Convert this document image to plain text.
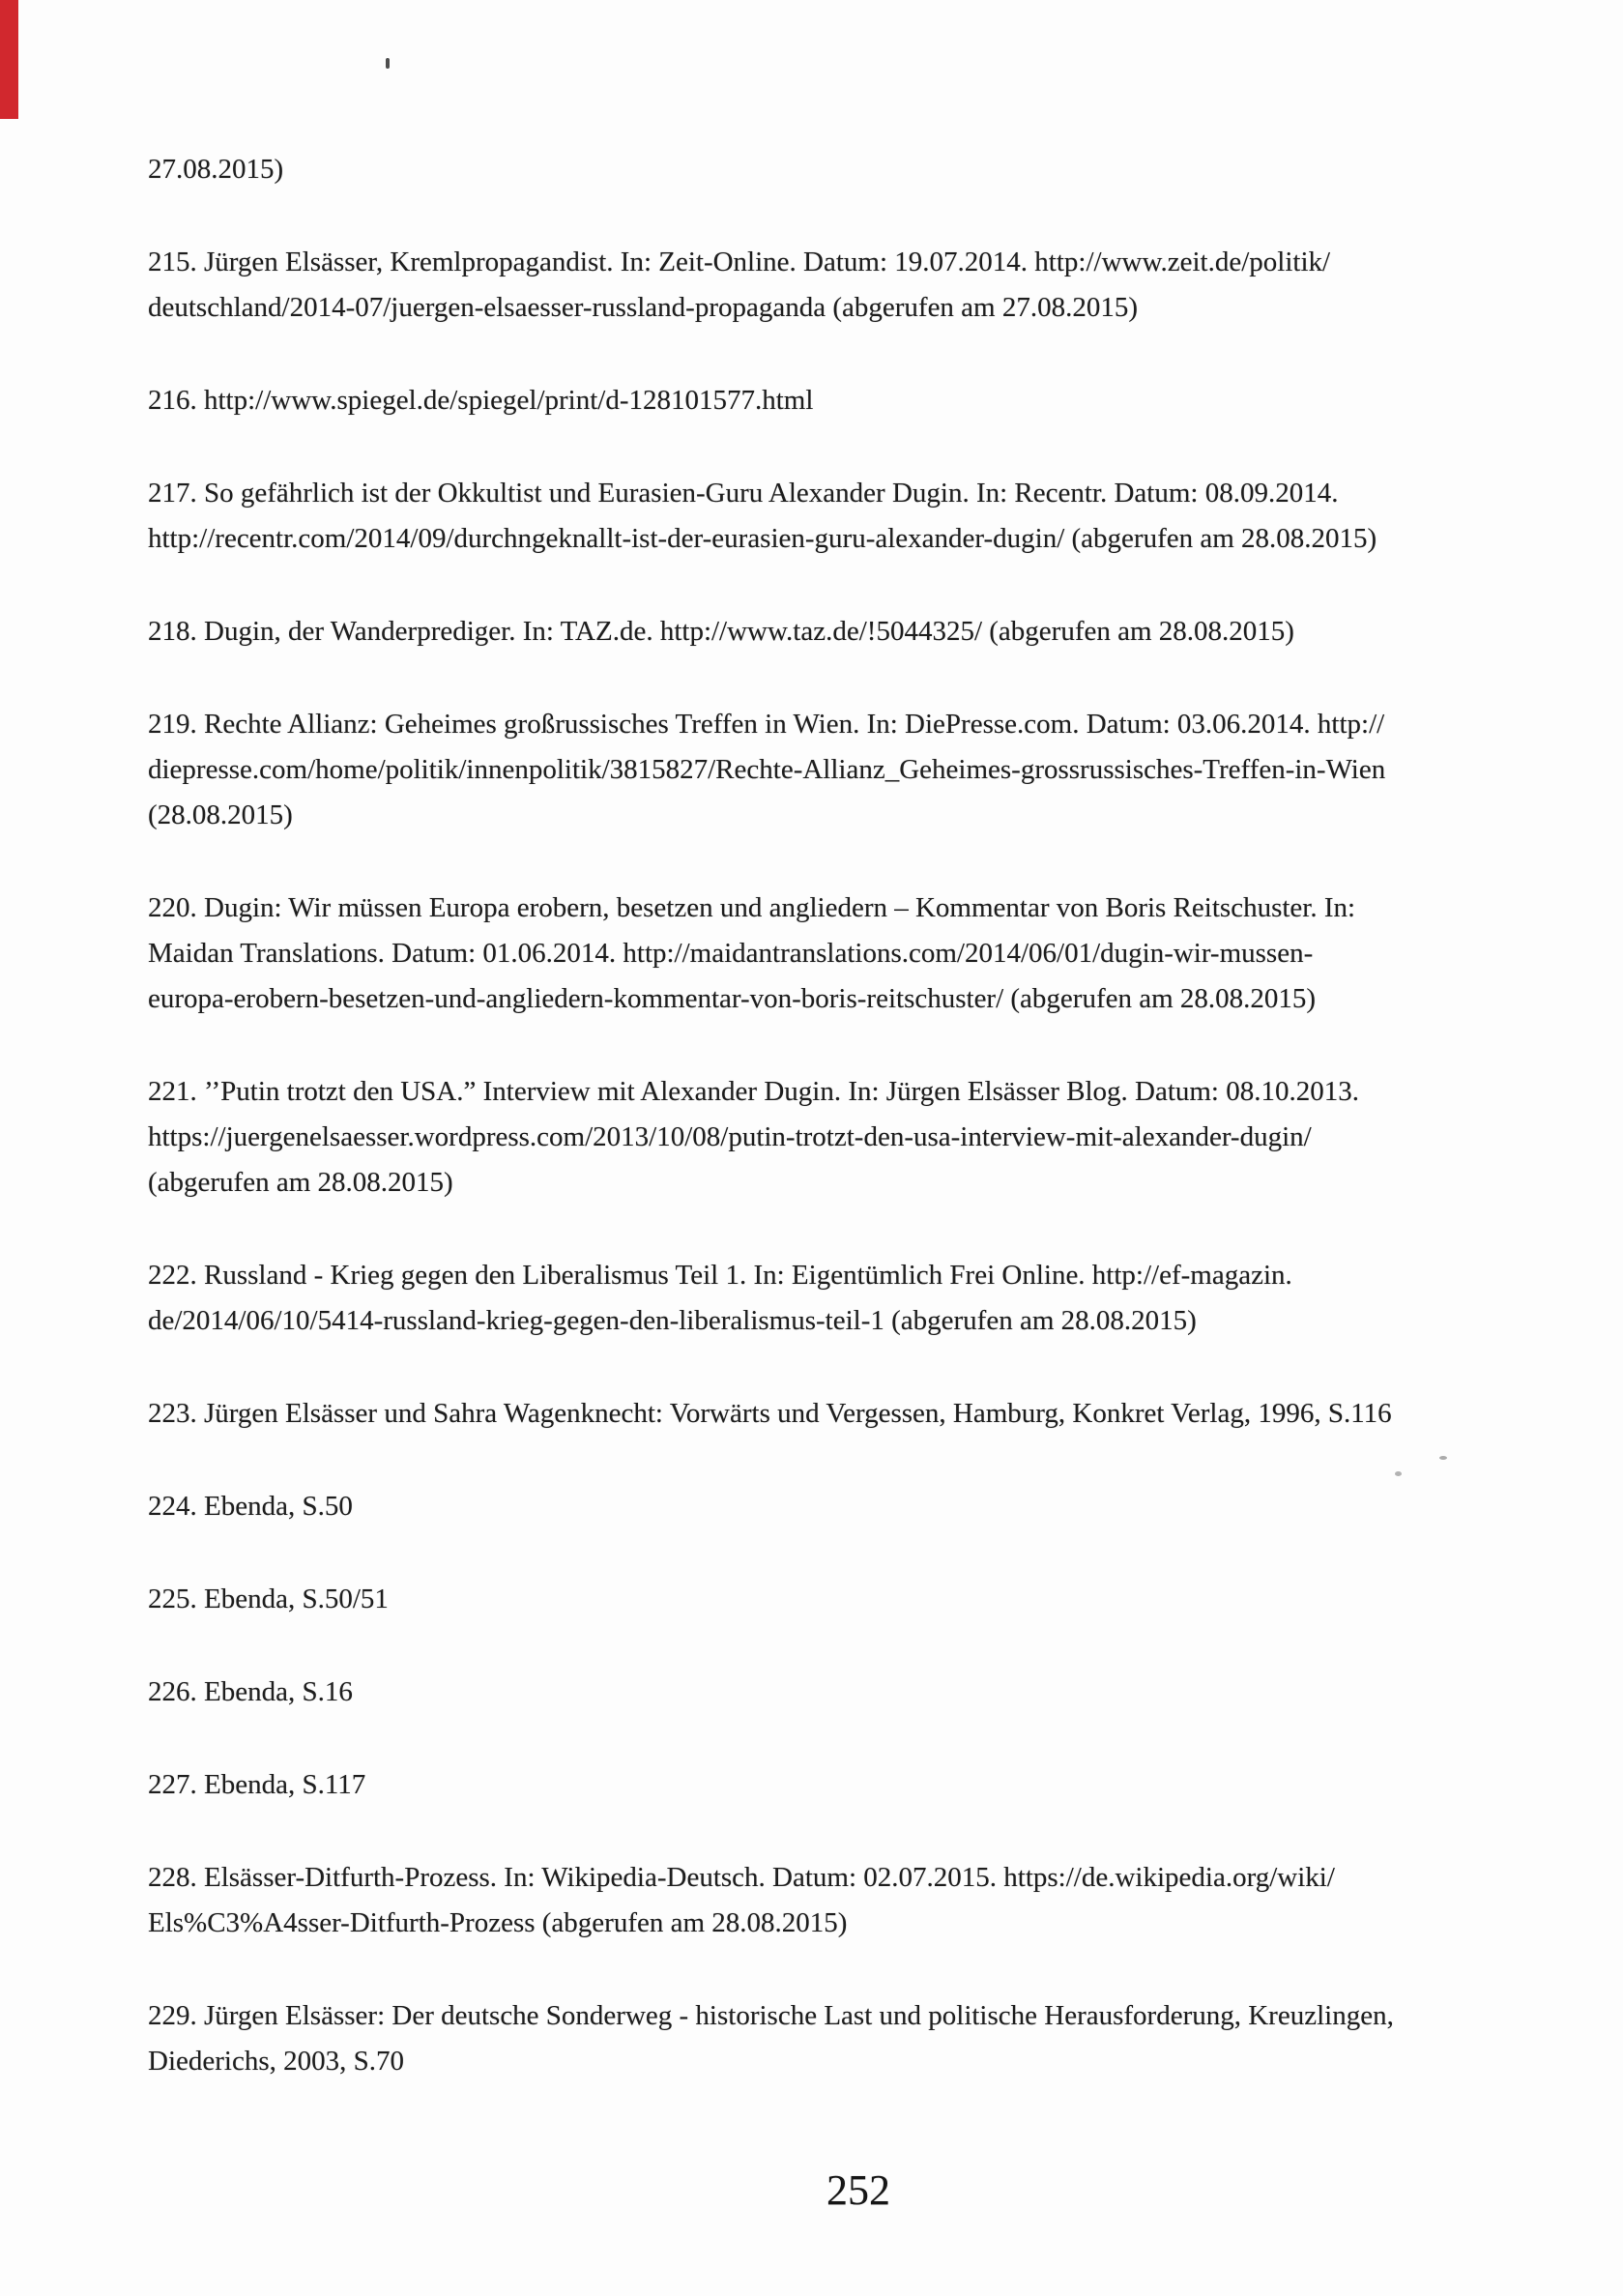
27.08.2015)

215. Jürgen Elsässer, Kremlpropagandist. In: Zeit-Online. Datum: 19.07.2014. http://www.zeit.de/politik/
deutschland/2014-07/juergen-elsaesser-russland-propaganda (abgerufen am 27.08.2015)

216. http://www.spiegel.de/spiegel/print/d-128101577.html

217. So gefährlich ist der Okkultist und Eurasien-Guru Alexander Dugin. In: Recentr. Datum: 08.09.2014.
http://recentr.com/2014/09/durchngeknallt-ist-der-eurasien-guru-alexander-dugin/ (abgerufen am 28.08.2015)

218. Dugin, der Wanderprediger. In: TAZ.de. http://www.taz.de/!5044325/ (abgerufen am 28.08.2015)

219. Rechte Allianz: Geheimes großrussisches Treffen in Wien. In: DiePresse.com. Datum: 03.06.2014. http://
diepresse.com/home/politik/innenpolitik/3815827/Rechte-Allianz_Geheimes-grossrussisches-Treffen-in-Wien
(28.08.2015)

220. Dugin: Wir müssen Europa erobern, besetzen und angliedern – Kommentar von Boris Reitschuster. In:
Maidan Translations. Datum: 01.06.2014. http://maidantranslations.com/2014/06/01/dugin-wir-mussen-
europa-erobern-besetzen-und-angliedern-kommentar-von-boris-reitschuster/ (abgerufen am 28.08.2015)

221. ’’Putin trotzt den USA.” Interview mit Alexander Dugin. In: Jürgen Elsässer Blog. Datum: 08.10.2013.
https://juergenelsaesser.wordpress.com/2013/10/08/putin-trotzt-den-usa-interview-mit-alexander-dugin/
(abgerufen am 28.08.2015)

222. Russland - Krieg gegen den Liberalismus Teil 1. In: Eigentümlich Frei Online. http://ef-magazin.
de/2014/06/10/5414-russland-krieg-gegen-den-liberalismus-teil-1 (abgerufen am 28.08.2015)

223. Jürgen Elsässer und Sahra Wagenknecht: Vorwärts und Vergessen, Hamburg, Konkret Verlag, 1996, S.116

224. Ebenda, S.50

225. Ebenda, S.50/51

226. Ebenda, S.16

227. Ebenda, S.117

228. Elsässer-Ditfurth-Prozess. In: Wikipedia-Deutsch. Datum: 02.07.2015. https://de.wikipedia.org/wiki/
Els%C3%A4sser-Ditfurth-Prozess (abgerufen am 28.08.2015)

229. Jürgen Elsässer: Der deutsche Sonderweg - historische Last und politische Herausforderung, Kreuzlingen,
Diederichs, 2003, S.70

252
